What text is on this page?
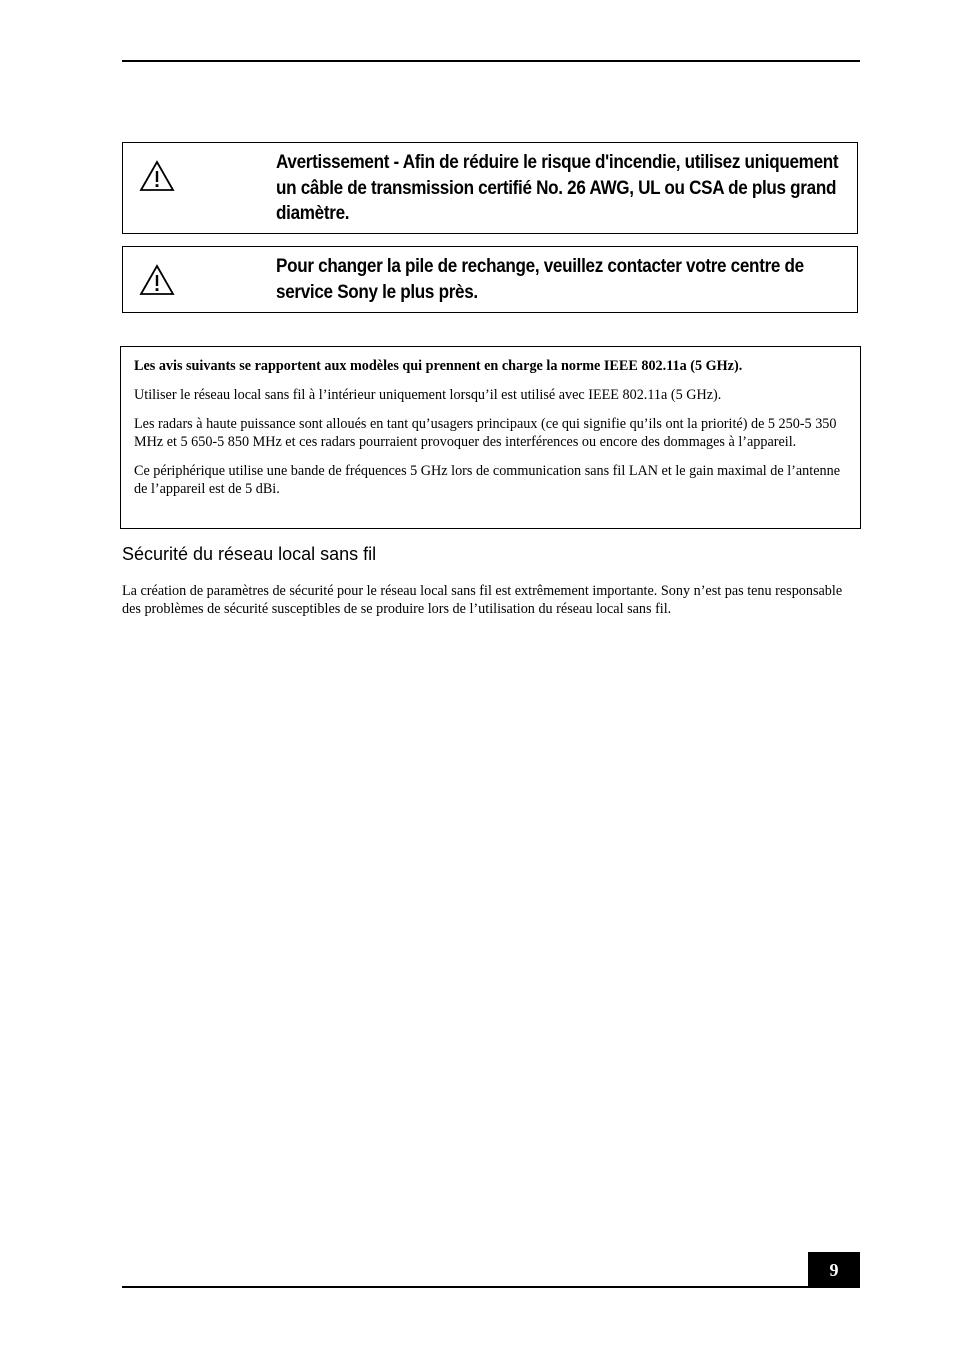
Avertissement - Afin de réduire le risque d'incendie, utilisez uniquement un câble de transmission certifié No. 26 AWG, UL ou CSA de plus grand diamètre.
Pour changer la pile de rechange, veuillez contacter votre centre de service Sony le plus près.

Les avis suivants se rapportent aux modèles qui prennent en charge la norme IEEE 802.11a (5 GHz).

Utiliser le réseau local sans fil à l’intérieur uniquement lorsqu’il est utilisé avec IEEE 802.11a (5 GHz).

Les radars à haute puissance sont alloués en tant qu’usagers principaux (ce qui signifie qu’ils ont la priorité) de 5 250-5 350 MHz et 5 650-5 850 MHz et ces radars pourraient provoquer des interférences ou encore des dommages à l’appareil.

Ce périphérique utilise une bande de fréquences 5 GHz lors de communication sans fil LAN et le gain maximal de l’antenne de l’appareil est de 5 dBi.

Sécurité du réseau local sans fil

La création de paramètres de sécurité pour le réseau local sans fil est extrêmement importante. Sony n’est pas tenu responsable des problèmes de sécurité susceptibles de se produire lors de l’utilisation du réseau local sans fil.

9
